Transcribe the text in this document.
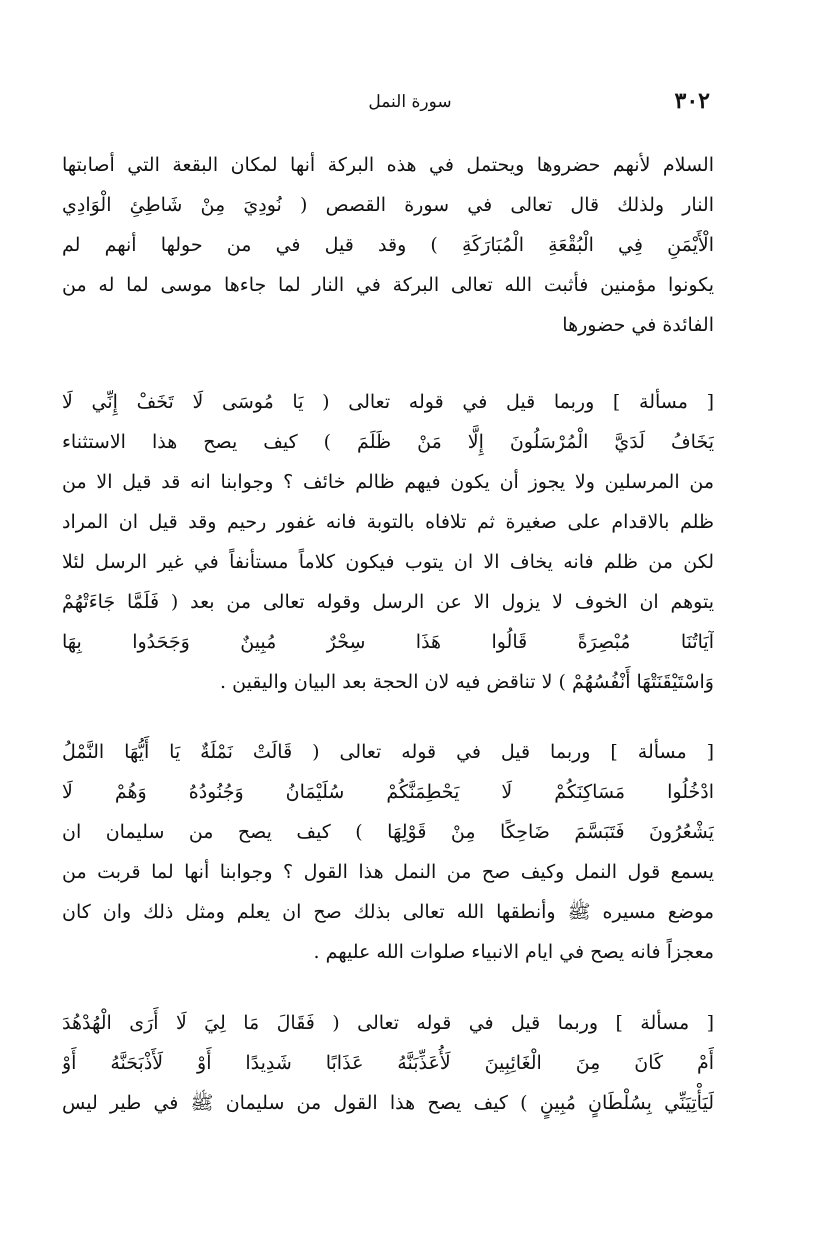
٣٠٢
سورة النمل
السلام لأنهم حضروها ويحتمل في هذه البركة أنها لمكان البقعة التي أصابتها
النار ولذلك قال تعالى في سورة القصص ( نُودِيَ مِنْ شَاطِئِ الْوَادِي
الْأَيْمَنِ فِي الْبُقْعَةِ الْمُبَارَكَةِ ) وقد قيل في من حولها أنهم لم
يكونوا مؤمنين فأثبت الله تعالى البركة في النار لما جاءها موسى لما له من
الفائدة في حضورها
[ مسألة ] وربما قيل في قوله تعالى ( يَا مُوسَى لَا تَخَفْ إِنِّي لَا
يَخَافُ لَدَيَّ الْمُرْسَلُونَ إِلَّا مَنْ ظَلَمَ ) كيف يصح هذا الاستثناء
من المرسلين ولا يجوز أن يكون فيهم ظالم خائف ؟ وجوابنا انه قد قيل الا من
ظلم بالاقدام على صغيرة ثم تلافاه بالتوبة فانه غفور رحيم وقد قيل ان المراد
لكن من ظلم فانه يخاف الا ان يتوب فيكون كلاماً مستأنفاً في غير الرسل لئلا
يتوهم ان الخوف لا يزول الا عن الرسل وقوله تعالى من بعد ( فَلَمَّا جَاءَتْهُمْ
آيَاتُنَا مُبْصِرَةً قَالُوا هَذَا سِحْرٌ مُبِينٌ وَجَحَدُوا بِهَا
وَاسْتَيْقَنَتْهَا أَنْفُسُهُمْ ) لا تناقض فيه لان الحجة بعد البيان واليقين .
[ مسألة ] وربما قيل في قوله تعالى ( قَالَتْ نَمْلَةٌ يَا أَيُّهَا النَّمْلُ
ادْخُلُوا مَسَاكِنَكُمْ لَا يَحْطِمَنَّكُمْ سُلَيْمَانُ وَجُنُودُهُ وَهُمْ لَا
يَشْعُرُونَ فَتَبَسَّمَ ضَاحِكًا مِنْ قَوْلِهَا ) كيف يصح من سليمان ان
يسمع قول النمل وكيف صح من النمل هذا القول ؟ وجوابنا أنها لما قربت من
موضع مسيره ﷺ وأنطقها الله تعالى بذلك صح ان يعلم ومثل ذلك وان كان
معجزاً فانه يصح في ايام الانبياء صلوات الله عليهم .
[ مسألة ] وربما قيل في قوله تعالى ( فَقَالَ مَا لِيَ لَا أَرَى الْهُدْهُدَ
أَمْ كَانَ مِنَ الْغَائِبِينَ لَأُعَذِّبَنَّهُ عَذَابًا شَدِيدًا أَوْ لَأَذْبَحَنَّهُ أَوْ
لَيَأْتِيَنِّي بِسُلْطَانٍ مُبِينٍ ) كيف يصح هذا القول من سليمان ﷺ في طير ليس
